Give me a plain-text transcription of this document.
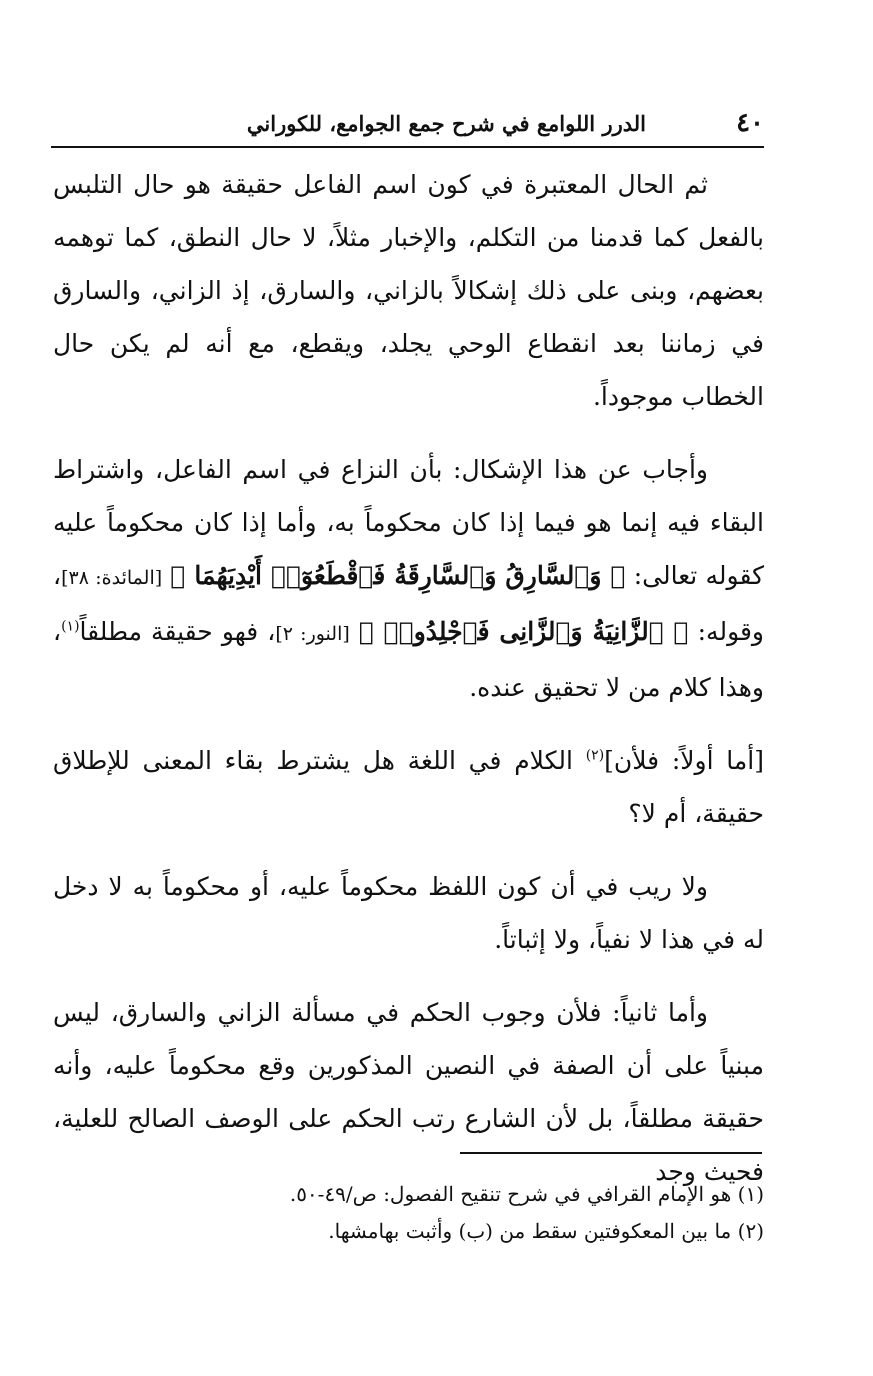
٤٠
الدرر اللوامع في شرح جمع الجوامع، للكوراني

ثم الحال المعتبرة في كون اسم الفاعل حقيقة هو حال التلبس بالفعل كما قدمنا من التكلم، والإخبار مثلاً، لا حال النطق، كما توهمه بعضهم، وبنى على ذلك إشكالاً بالزاني، والسارق، إذ الزاني، والسارق في زماننا بعد انقطاع الوحي يجلد، ويقطع، مع أنه لم يكن حال الخطاب موجوداً.

وأجاب عن هذا الإشكال: بأن النزاع في اسم الفاعل، واشتراط البقاء فيه إنما هو فيما إذا كان محكوماً به، وأما إذا كان محكوماً عليه كقوله تعالى: ﴿ وَٱلسَّارِقُ وَٱلسَّارِقَةُ فَٱقْطَعُوٓا۟ أَيْدِيَهُمَا ﴾ [المائدة: ٣٨]، وقوله: ﴿ ٱلزَّانِيَةُ وَٱلزَّانِى فَٱجْلِدُوا۟ ﴾ [النور: ٢]، فهو حقيقة مطلقاً$^{(١)}$، وهذا كلام من لا تحقيق عنده.

[أما أولاً: فلأن]$^{(٢)}$ الكلام في اللغة هل يشترط بقاء المعنى للإطلاق حقيقة، أم لا؟

ولا ريب في أن كون اللفظ محكوماً عليه، أو محكوماً به لا دخل له في هذا لا نفياً، ولا إثباتاً.

وأما ثانياً: فلأن وجوب الحكم في مسألة الزاني والسارق، ليس مبنياً على أن الصفة في النصين المذكورين وقع محكوماً عليه، وأنه حقيقة مطلقاً، بل لأن الشارع رتب الحكم على الوصف الصالح للعلية، فحيث وجد

(١) هو الإمام القرافي في شرح تنقيح الفصول: ص/٤٩-٥٠.

(٢) ما بين المعكوفتين سقط من (ب) وأثبت بهامشها.
